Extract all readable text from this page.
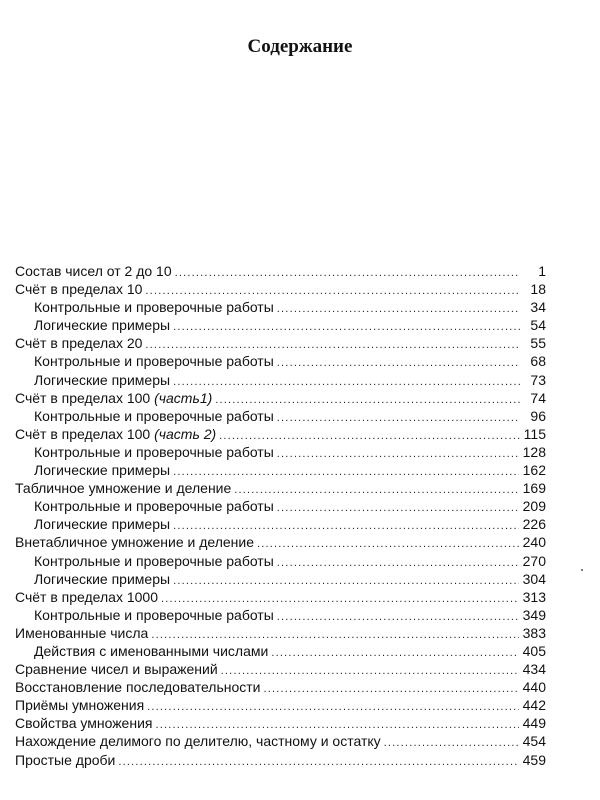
Содержание
Состав чисел от 2 до 10 .....	1
Счёт в пределах 10 .....	18
Контрольные и проверочные работы .....	34
Логические примеры .....	54
Счёт в пределах 20 .....	55
Контрольные и проверочные работы .....	68
Логические примеры .....	73
Счёт в пределах 100 (часть1) .....	74
Контрольные и проверочные работы .....	96
Счёт в пределах 100 (часть 2) .....	115
Контрольные и проверочные работы .....	128
Логические примеры .....	162
Табличное умножение и деление .....	169
Контрольные и проверочные работы .....	209
Логические примеры .....	226
Внетабличное умножение и деление .....	240
Контрольные и проверочные работы .....	270
Логические примеры .....	304
Счёт в пределах 1000 .....	313
Контрольные и проверочные работы .....	349
Именованные числа .....	383
Действия с именованными числами .....	405
Сравнение чисел и выражений .....	434
Восстановление последовательности .....	440
Приёмы умножения .....	442
Свойства умножения .....	449
Нахождение делимого по делителю, частному и остатку .....	454
Простые дроби .....	459
